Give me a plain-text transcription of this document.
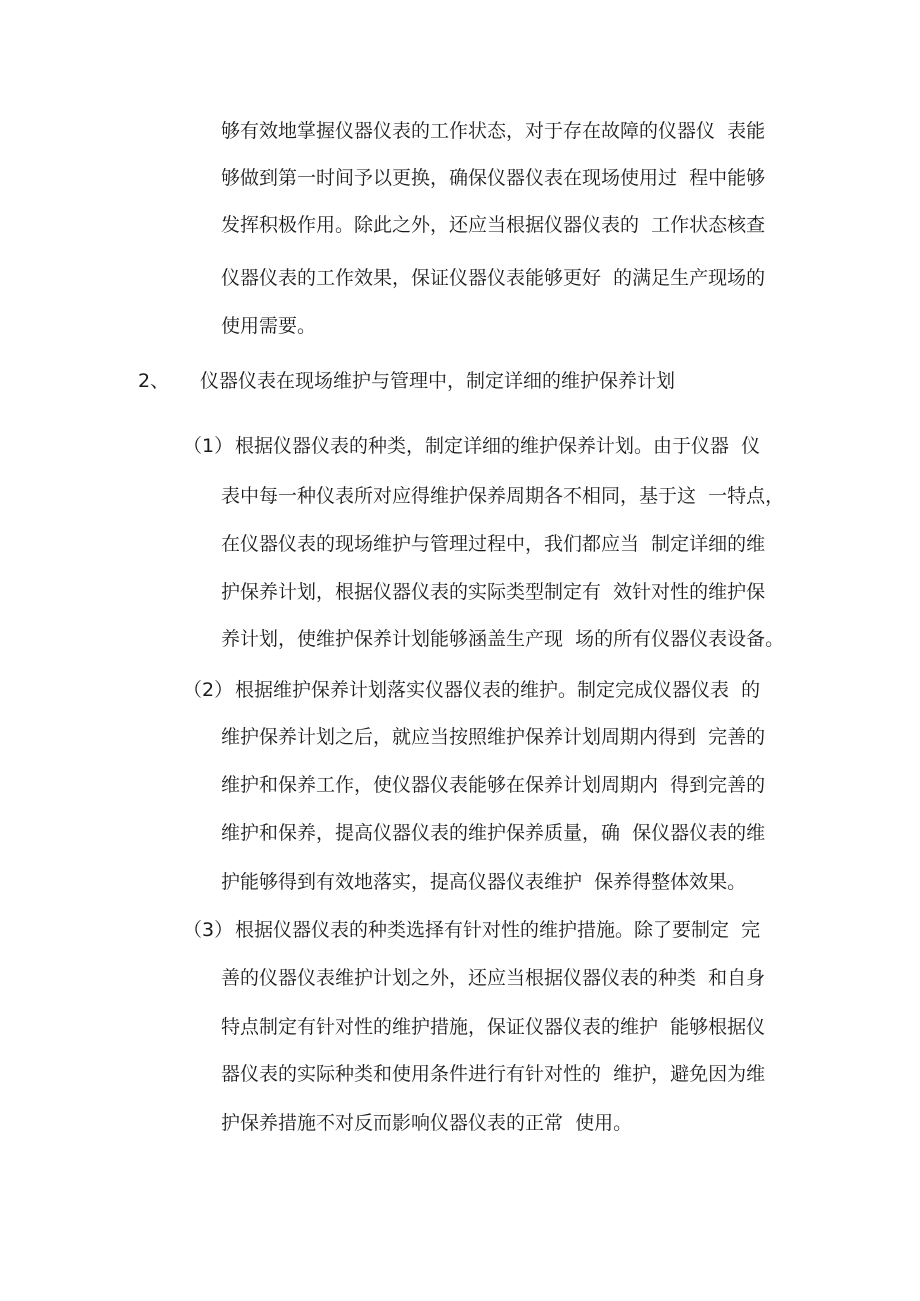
够有效地掌握仪器仪表的工作状态，对于存在故障的仪器仪  表能
够做到第一时间予以更换，确保仪器仪表在现场使用过  程中能够
发挥积极作用。除此之外，还应当根据仪器仪表的  工作状态核查
仪器仪表的工作效果，保证仪器仪表能够更好  的满足生产现场的
使用需要。
2、 仪器仪表在现场维护与管理中，制定详细的维护保养计划
（1） 根据仪器仪表的种类，制定详细的维护保养计划。由于仪器  仪
表中每一种仪表所对应得维护保养周期各不相同，基于这  一特点，
在仪器仪表的现场维护与管理过程中，我们都应当  制定详细的维
护保养计划，根据仪器仪表的实际类型制定有  效针对性的维护保
养计划，使维护保养计划能够涵盖生产现  场的所有仪器仪表设备。
（2） 根据维护保养计划落实仪器仪表的维护。制定完成仪器仪表  的
维护保养计划之后，就应当按照维护保养计划周期内得到  完善的
维护和保养工作，使仪器仪表能够在保养计划周期内  得到完善的
维护和保养，提高仪器仪表的维护保养质量，确  保仪器仪表的维
护能够得到有效地落实，提高仪器仪表维护  保养得整体效果。
（3） 根据仪器仪表的种类选择有针对性的维护措施。除了要制定  完
善的仪器仪表维护计划之外，还应当根据仪器仪表的种类  和自身
特点制定有针对性的维护措施，保证仪器仪表的维护  能够根据仪
器仪表的实际种类和使用条件进行有针对性的  维护，避免因为维
护保养措施不对反而影响仪器仪表的正常  使用。
